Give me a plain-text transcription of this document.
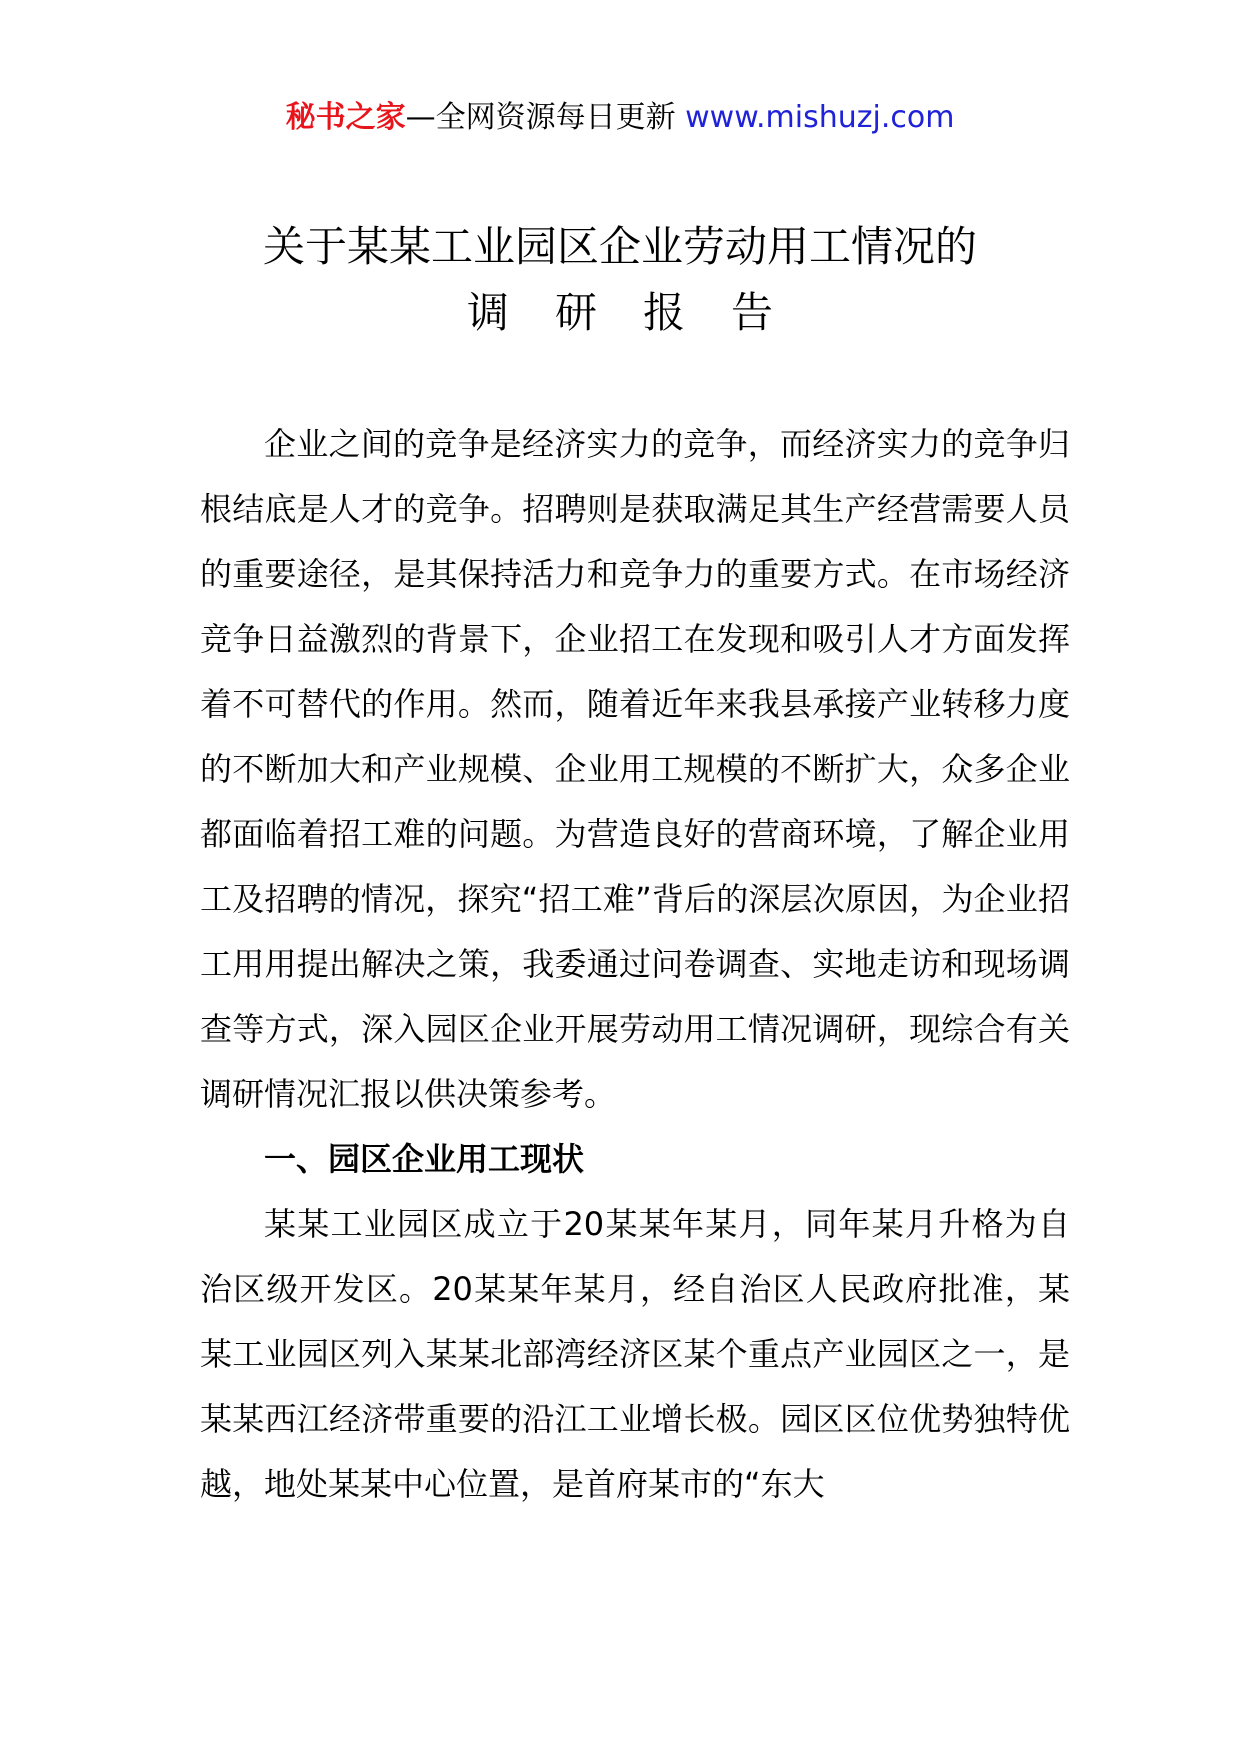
秘书之家—全网资源每日更新 www.mishuzj.com
关于某某工业园区企业劳动用工情况的
调研报告

企业之间的竞争是经济实力的竞争，而经济实力的竞争归根结底是人才的竞争。招聘则是获取满足其生产经营需要人员的重要途径，是其保持活力和竞争力的重要方式。在市场经济竞争日益激烈的背景下，企业招工在发现和吸引人才方面发挥着不可替代的作用。然而，随着近年来我县承接产业转移力度的不断加大和产业规模、企业用工规模的不断扩大，众多企业都面临着招工难的问题。为营造良好的营商环境，了解企业用工及招聘的情况，探究“招工难”背后的深层次原因，为企业招工用用提出解决之策，我委通过问卷调查、实地走访和现场调查等方式，深入园区企业开展劳动用工情况调研，现综合有关调研情况汇报以供决策参考。

一、园区企业用工现状

某某工业园区成立于20某某年某月，同年某月升格为自治区级开发区。20某某年某月，经自治区人民政府批准，某某工业园区列入某某北部湾经济区某个重点产业园区之一，是某某西江经济带重要的沿江工业增长极。园区区位优势独特优越，地处某某中心位置，是首府某市的“东大
